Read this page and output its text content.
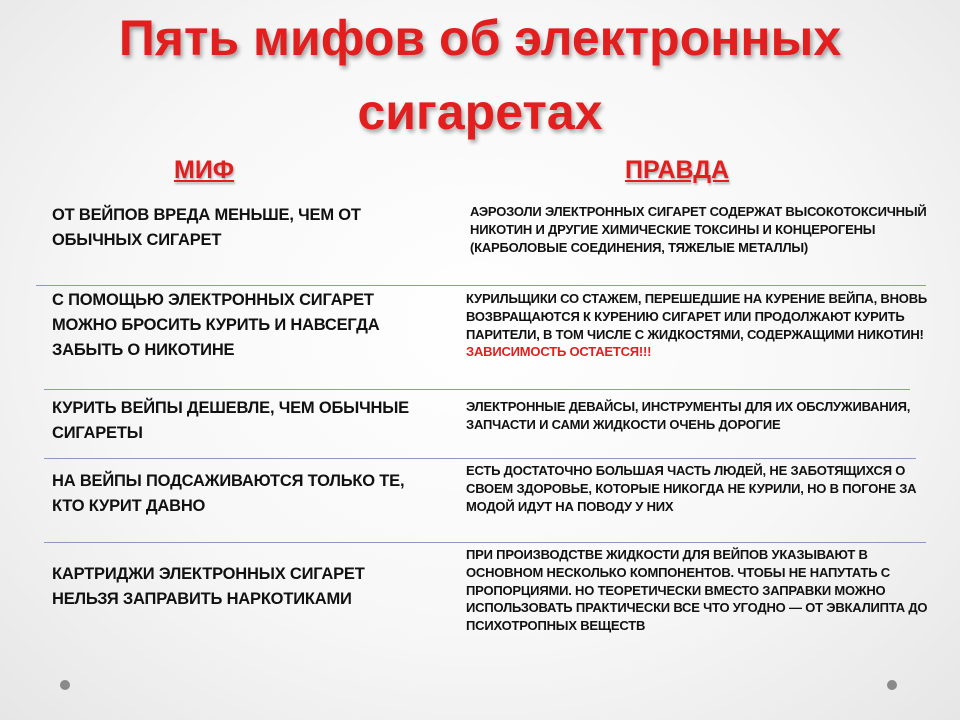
Пять мифов об электронных
сигаретах
МИФ	ПРАВДА
ОТ ВЕЙПОВ ВРЕДА МЕНЬШЕ, ЧЕМ ОТ ОБЫЧНЫХ СИГАРЕТ
АЭРОЗОЛИ ЭЛЕКТРОННЫХ СИГАРЕТ СОДЕРЖАТ ВЫСОКОТОКСИЧНЫЙ НИКОТИН И ДРУГИЕ ХИМИЧЕСКИЕ ТОКСИНЫ И КОНЦЕРОГЕНЫ (КАРБОЛОВЫЕ СОЕДИНЕНИЯ, ТЯЖЕЛЫЕ МЕТАЛЛЫ)
С ПОМОЩЬЮ ЭЛЕКТРОННЫХ СИГАРЕТ МОЖНО БРОСИТЬ КУРИТЬ И НАВСЕГДА ЗАБЫТЬ О НИКОТИНЕ
КУРИЛЬЩИКИ СО СТАЖЕМ, ПЕРЕШЕДШИЕ НА КУРЕНИЕ ВЕЙПА, ВНОВЬ ВОЗВРАЩАЮТСЯ К КУРЕНИЮ СИГАРЕТ ИЛИ ПРОДОЛЖАЮТ КУРИТЬ ПАРИТЕЛИ, В ТОМ ЧИСЛЕ С ЖИДКОСТЯМИ, СОДЕРЖАЩИМИ НИКОТИН!
ЗАВИСИМОСТЬ ОСТАЕТСЯ!!!
КУРИТЬ ВЕЙПЫ ДЕШЕВЛЕ, ЧЕМ ОБЫЧНЫЕ СИГАРЕТЫ
ЭЛЕКТРОННЫЕ ДЕВАЙСЫ, ИНСТРУМЕНТЫ ДЛЯ ИХ ОБСЛУЖИВАНИЯ, ЗАПЧАСТИ И САМИ ЖИДКОСТИ ОЧЕНЬ ДОРОГИЕ
НА ВЕЙПЫ ПОДСАЖИВАЮТСЯ ТОЛЬКО ТЕ, КТО КУРИТ ДАВНО
ЕСТЬ ДОСТАТОЧНО БОЛЬШАЯ ЧАСТЬ ЛЮДЕЙ, НЕ ЗАБОТЯЩИХСЯ О СВОЕМ ЗДОРОВЬЕ, КОТОРЫЕ НИКОГДА НЕ КУРИЛИ, НО В ПОГОНЕ ЗА МОДОЙ ИДУТ НА ПОВОДУ У НИХ
КАРТРИДЖИ ЭЛЕКТРОННЫХ СИГАРЕТ НЕЛЬЗЯ ЗАПРАВИТЬ НАРКОТИКАМИ
ПРИ ПРОИЗВОДСТВЕ ЖИДКОСТИ ДЛЯ ВЕЙПОВ УКАЗЫВАЮТ В ОСНОВНОМ НЕСКОЛЬКО КОМПОНЕНТОВ. ЧТОБЫ НЕ НАПУТАТЬ С ПРОПОРЦИЯМИ. НО ТЕОРЕТИЧЕСКИ ВМЕСТО ЗАПРАВКИ МОЖНО ИСПОЛЬЗОВАТЬ ПРАКТИЧЕСКИ ВСЕ ЧТО УГОДНО — ОТ ЭВКАЛИПТА ДО ПСИХОТРОПНЫХ ВЕЩЕСТВ
